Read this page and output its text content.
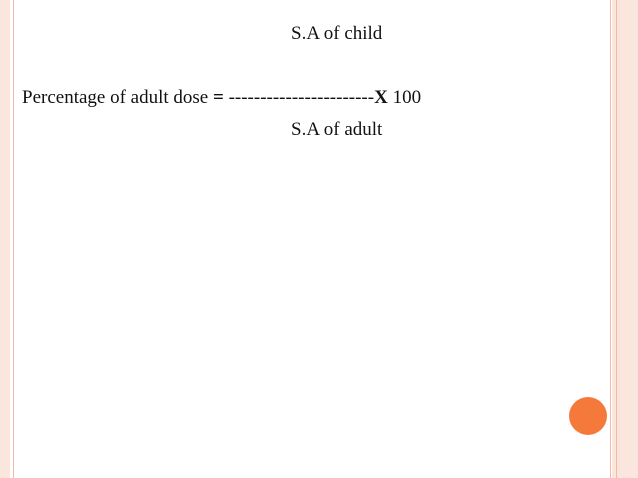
S.A of child
Percentage of adult dose = -----------------------X 100
S.A of adult
